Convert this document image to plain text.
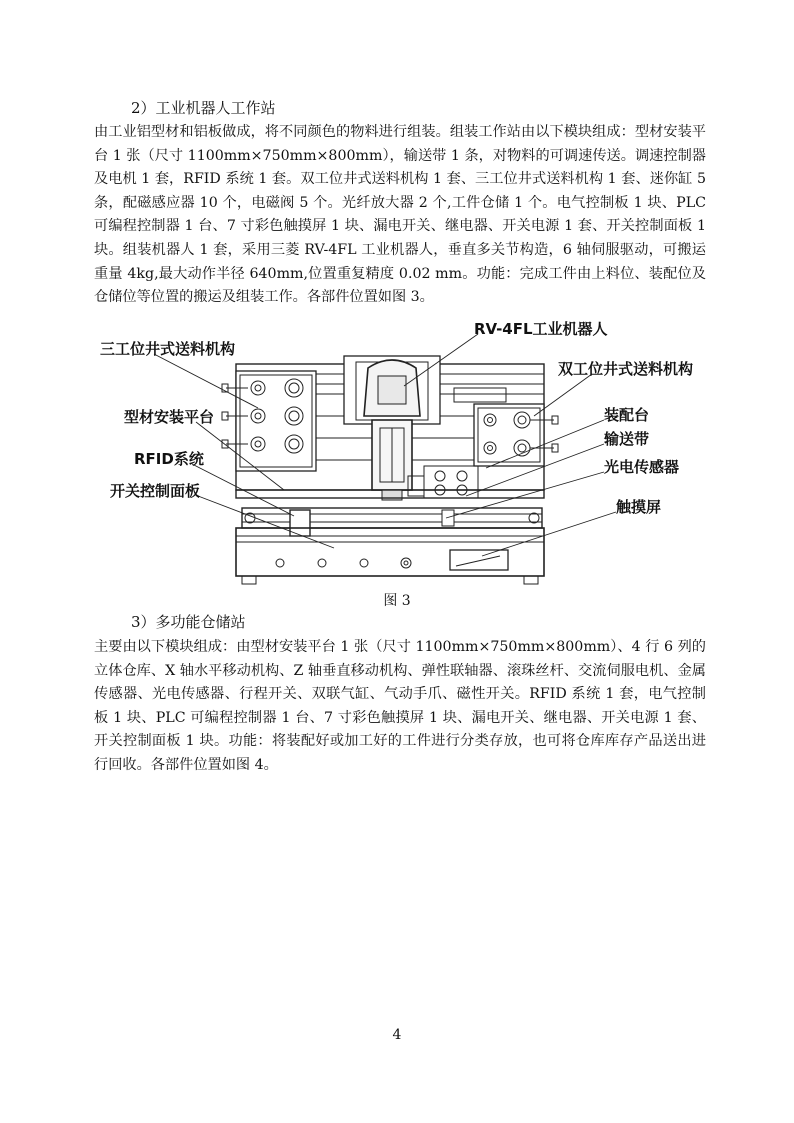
2）工业机器人工作站
由工业铝型材和铝板做成，将不同颜色的物料进行组装。组装工作站由以下模块组成：型材安装平台 1 张（尺寸 1100mm×750mm×800mm），输送带 1 条，对物料的可调速传送。调速控制器及电机 1 套，RFID 系统 1 套。双工位井式送料机构 1 套、三工位井式送料机构 1 套、迷你缸 5 条，配磁感应器 10 个，电磁阀 5 个。光纤放大器 2 个,工件仓储 1 个。电气控制板 1 块、PLC 可编程控制器 1 台、7 寸彩色触摸屏 1 块、漏电开关、继电器、开关电源 1 套、开关控制面板 1 块。组装机器人 1 套，采用三菱 RV-4FL 工业机器人，垂直多关节构造，6 轴伺服驱动，可搬运重量 4kg,最大动作半径 640mm,位置重复精度 0.02 mm。功能：完成工件由上料位、装配位及仓储位等位置的搬运及组装工作。各部件位置如图 3。
三工位井式送料机构
RV-4FL工业机器人
双工位井式送料机构
型材安装平台	装配台
输送带
RFID系统	光电传感器
开关控制面板
触摸屏
图 3
3）多功能仓储站
主要由以下模块组成：由型材安装平台 1 张（尺寸 1100mm×750mm×800mm）、4 行 6 列的立体仓库、X 轴水平移动机构、Z 轴垂直移动机构、弹性联轴器、滚珠丝杆、交流伺服电机、金属传感器、光电传感器、行程开关、双联气缸、气动手爪、磁性开关。RFID 系统 1 套，电气控制板 1 块、PLC 可编程控制器 1 台、7 寸彩色触摸屏 1 块、漏电开关、继电器、开关电源 1 套、开关控制面板 1 块。功能：将装配好或加工好的工件进行分类存放，也可将仓库库存产品送出进行回收。各部件位置如图 4。
4
